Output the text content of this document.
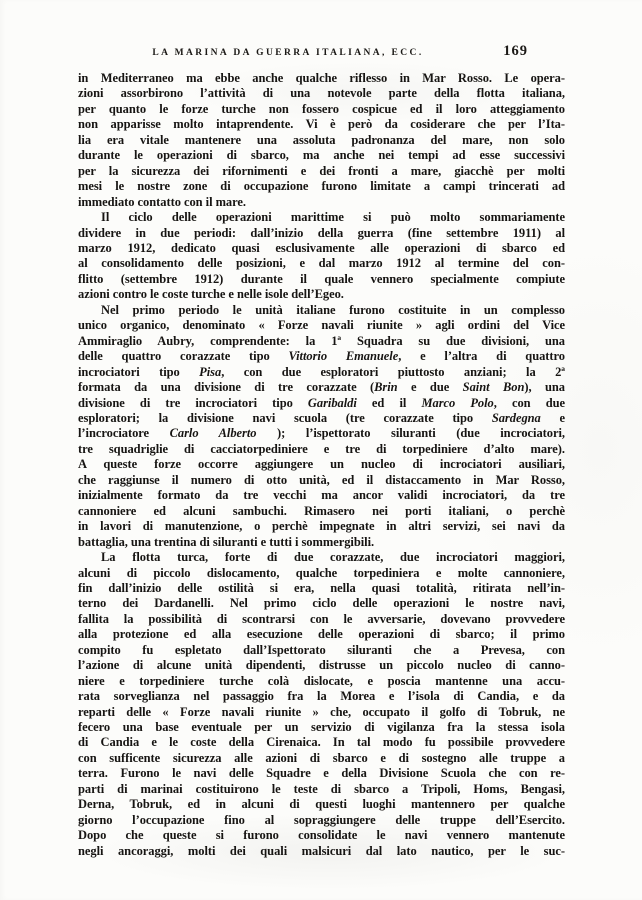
LA MARINA DA GUERRA ITALIANA, ECC.	169
in Mediterraneo ma ebbe anche qualche riflesso in Mar Rosso. Le opera-
zioni assorbirono l’attività di una notevole parte della flotta italiana,
per quanto le forze turche non fossero cospicue ed il loro atteggiamento
non apparisse molto intaprendente. Vi è però da cosiderare che per l’Ita-
lia era vitale mantenere una assoluta padronanza del mare, non solo
durante le operazioni di sbarco, ma anche nei tempi ad esse successivi
per la sicurezza dei rifornimenti e dei fronti a mare, giacchè per molti
mesi le nostre zone di occupazione furono limitate a campi trincerati ad
immediato contatto con il mare.
Il ciclo delle operazioni marittime si può molto sommariamente
dividere in due periodi: dall’inizio della guerra (fine settembre 1911) al
marzo 1912, dedicato quasi esclusivamente alle operazioni di sbarco ed
al consolidamento delle posizioni, e dal marzo 1912 al termine del con-
flitto (settembre 1912) durante il quale vennero specialmente compiute
azioni contro le coste turche e nelle isole dell’Egeo.
Nel primo periodo le unità italiane furono costituite in un complesso
unico organico, denominato « Forze navali riunite » agli ordini del Vice
Ammiraglio Aubry, comprendente: la 1ª Squadra su due divisioni, una
delle quattro corazzate tipo Vittorio Emanuele, e l’altra di quattro
incrociatori tipo Pisa, con due esploratori piuttosto anziani; la 2ª
formata da una divisione di tre corazzate (Brin e due Saint Bon), una
divisione di tre incrociatori tipo Garibaldi ed il Marco Polo, con due
esploratori; la divisione navi scuola (tre corazzate tipo Sardegna e
l’incrociatore Carlo Alberto ); l’ispettorato siluranti (due incrociatori,
tre squadriglie di cacciatorpediniere e tre di torpediniere d’alto mare).
A queste forze occorre aggiungere un nucleo di incrociatori ausiliari,
che raggiunse il numero di otto unità, ed il distaccamento in Mar Rosso,
inizialmente formato da tre vecchi ma ancor validi incrociatori, da tre
cannoniere ed alcuni sambuchi. Rimasero nei porti italiani, o perchè
in lavori di manutenzione, o perchè impegnate in altri servizi, sei navi da
battaglia, una trentina di siluranti e tutti i sommergibili.
La flotta turca, forte di due corazzate, due incrociatori maggiori,
alcuni di piccolo dislocamento, qualche torpediniera e molte cannoniere,
fin dall’inizio delle ostilità si era, nella quasi totalità, ritirata nell’in-
terno dei Dardanelli. Nel primo ciclo delle operazioni le nostre navi,
fallita la possibilità di scontrarsi con le avversarie, dovevano provvedere
alla protezione ed alla esecuzione delle operazioni di sbarco; il primo
compito fu espletato dall’Ispettorato siluranti che a Prevesa, con
l’azione di alcune unità dipendenti, distrusse un piccolo nucleo di canno-
niere e torpediniere turche colà dislocate, e poscia mantenne una accu-
rata sorveglianza nel passaggio fra la Morea e l’isola di Candia, e da
reparti delle « Forze navali riunite » che, occupato il golfo di Tobruk, ne
fecero una base eventuale per un servizio di vigilanza fra la stessa isola
di Candia e le coste della Cirenaica. In tal modo fu possibile provvedere
con sufficente sicurezza alle azioni di sbarco e di sostegno alle truppe a
terra. Furono le navi delle Squadre e della Divisione Scuola che con re-
parti di marinai costituirono le teste di sbarco a Tripoli, Homs, Bengasi,
Derna, Tobruk, ed in alcuni di questi luoghi mantennero per qualche
giorno l’occupazione fino al sopraggiungere delle truppe dell’Esercito.
Dopo che queste si furono consolidate le navi vennero mantenute
negli ancoraggi, molti dei quali malsicuri dal lato nautico, per le suc-
